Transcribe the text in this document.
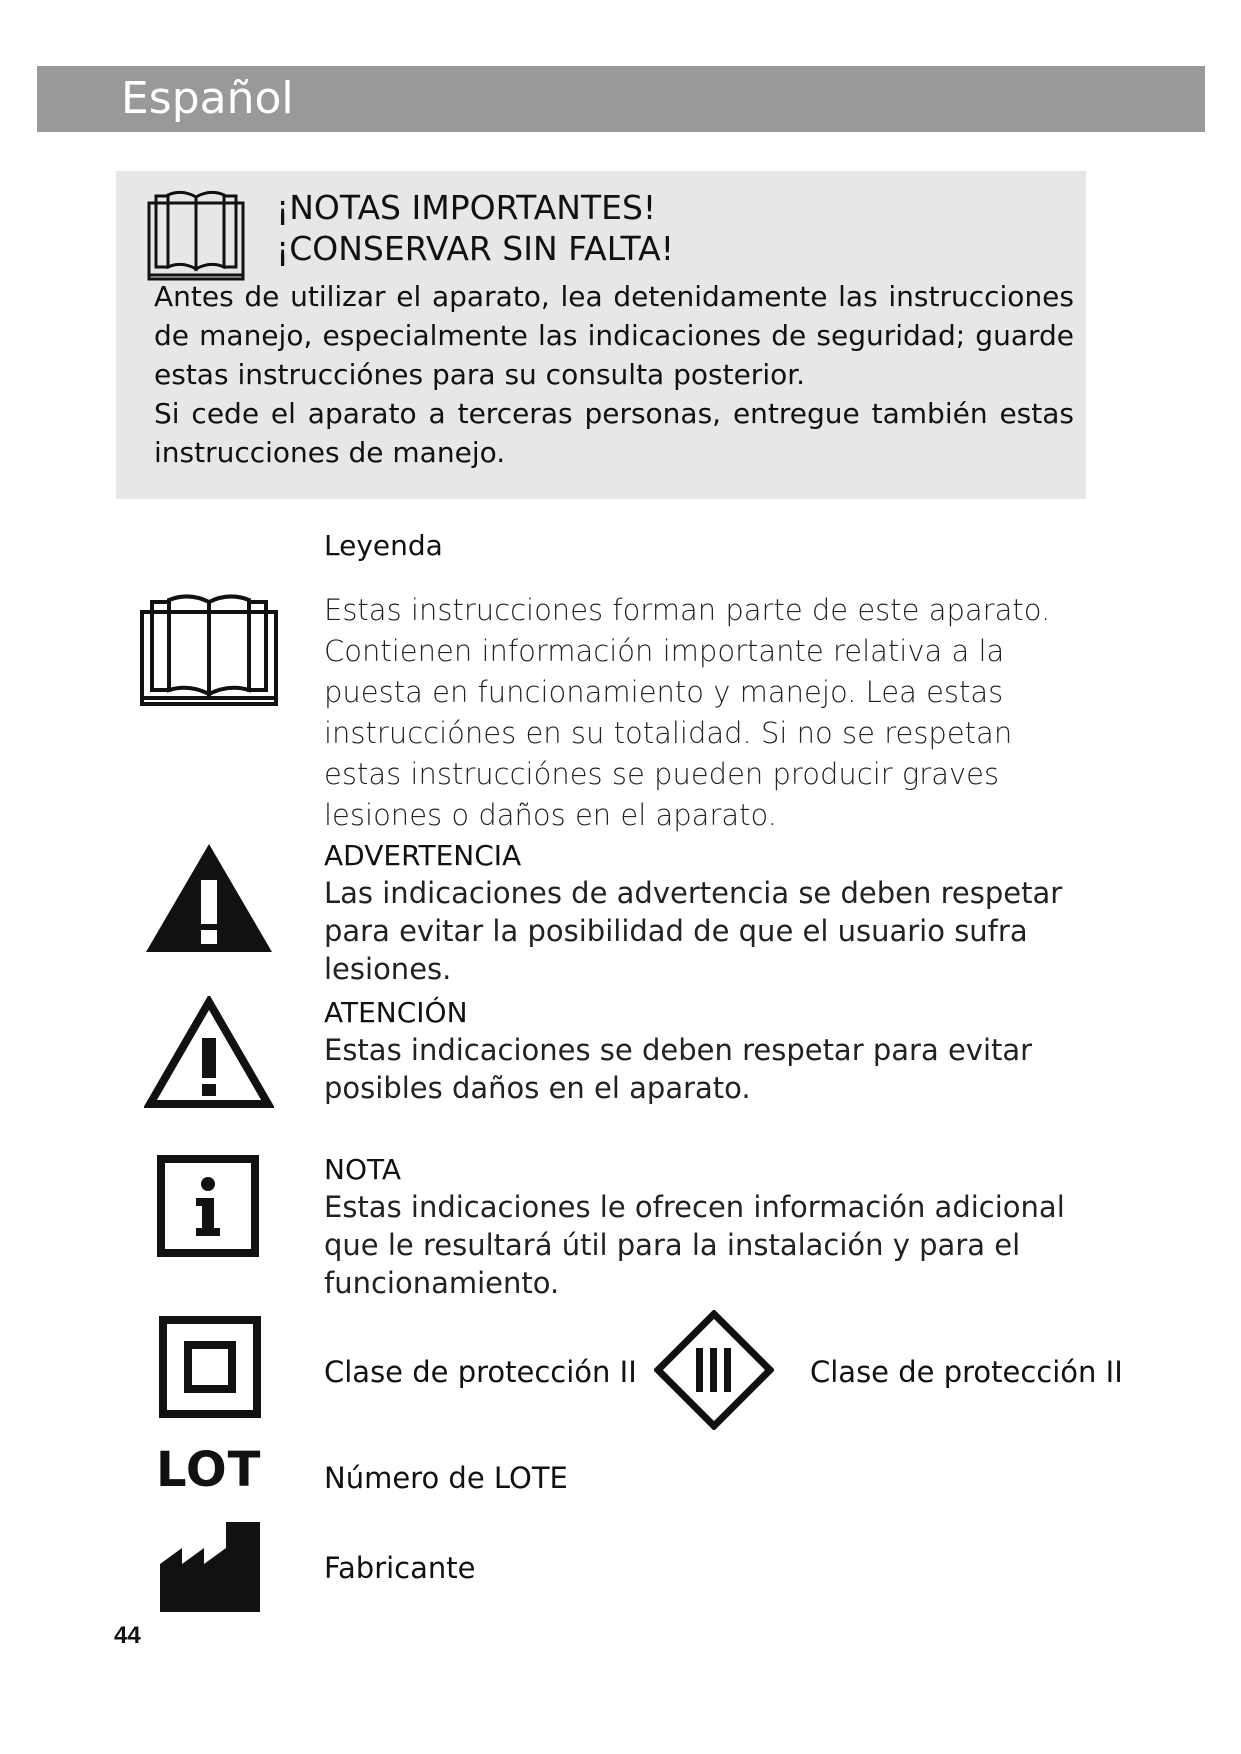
Español
¡NOTAS IMPORTANTES!
¡CONSERVAR SIN FALTA!

Antes de utilizar el aparato, lea detenidamente las instrucciones de manejo, especialmente las indicaciones de seguridad; guarde estas instrucciónes para su consulta posterior.

Si cede el aparato a terceras personas, entregue también estas instrucciones de manejo.

Leyenda
Estas instrucciones forman parte de este aparato. Contienen información importante relativa a la puesta en funcionamiento y manejo. Lea estas instrucciónes en su totalidad. Si no se respetan estas instrucciónes se pueden producir graves lesiones o daños en el aparato.
ADVERTENCIA
Las indicaciones de advertencia se deben respetar para evitar la posibilidad de que el usuario sufra lesiones.
ATENCIÓN
Estas indicaciones se deben respetar para evitar posibles daños en el aparato.
NOTA
Estas indicaciones le ofrecen información adicional que le resultará útil para la instalación y para el funcionamiento.
Clase de protección II	Clase de protección II
LOT Número de LOTE
Fabricante
44
